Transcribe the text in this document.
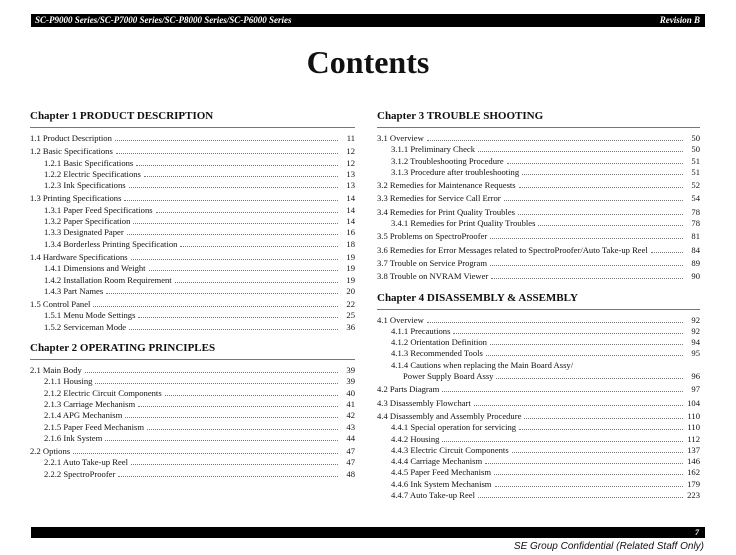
SC-P9000 Series/SC-P7000 Series/SC-P8000 Series/SC-P6000 Series	Revision B
Contents
Chapter 1 PRODUCT DESCRIPTION
1.1 Product Description	11
1.2 Basic Specifications	12
1.2.1 Basic Specifications	12
1.2.2 Electric Specifications	13
1.2.3 Ink Specifications	13
1.3 Printing Specifications	14
1.3.1 Paper Feed Specifications	14
1.3.2 Paper Specification	14
1.3.3 Designated Paper	16
1.3.4 Borderless Printing Specification	18
1.4 Hardware Specifications	19
1.4.1 Dimensions and Weight	19
1.4.2 Installation Room Requirement	19
1.4.3 Part Names	20
1.5 Control Panel	22
1.5.1 Menu Mode Settings	25
1.5.2 Serviceman Mode	36
Chapter 2 OPERATING PRINCIPLES
2.1 Main Body	39
2.1.1 Housing	39
2.1.2 Electric Circuit Components	40
2.1.3 Carriage Mechanism	41
2.1.4 APG Mechanism	42
2.1.5 Paper Feed Mechanism	43
2.1.6 Ink System	44
2.2 Options	47
2.2.1 Auto Take-up Reel	47
2.2.2 SpectroProofer	48
Chapter 3 TROUBLE SHOOTING
3.1 Overview	50
3.1.1 Preliminary Check	50
3.1.2 Troubleshooting Procedure	51
3.1.3 Procedure after troubleshooting	51
3.2 Remedies for Maintenance Requests	52
3.3 Remedies for Service Call Error	54
3.4 Remedies for Print Quality Troubles	78
3.4.1 Remedies for Print Quality Troubles	78
3.5 Problems on SpectroProofer	81
3.6 Remedies for Error Messages related to SpectroProofer/Auto Take-up Reel	84
3.7 Trouble on Service Program	89
3.8 Trouble on NVRAM Viewer	90
Chapter 4 DISASSEMBLY & ASSEMBLY
4.1 Overview	92
4.1.1 Precautions	92
4.1.2 Orientation Definition	94
4.1.3 Recommended Tools	95
4.1.4 Cautions when replacing the Main Board Assy/
Power Supply Board Assy	96
4.2 Parts Diagram	97
4.3 Disassembly Flowchart	104
4.4 Disassembly and Assembly Procedure	110
4.4.1 Special operation for servicing	110
4.4.2 Housing	112
4.4.3 Electric Circuit Components	137
4.4.4 Carriage Mechanism	146
4.4.5 Paper Feed Mechanism	162
4.4.6 Ink System Mechanism	179
4.4.7 Auto Take-up Reel	223
7
SE Group Confidential (Related Staff Only)
